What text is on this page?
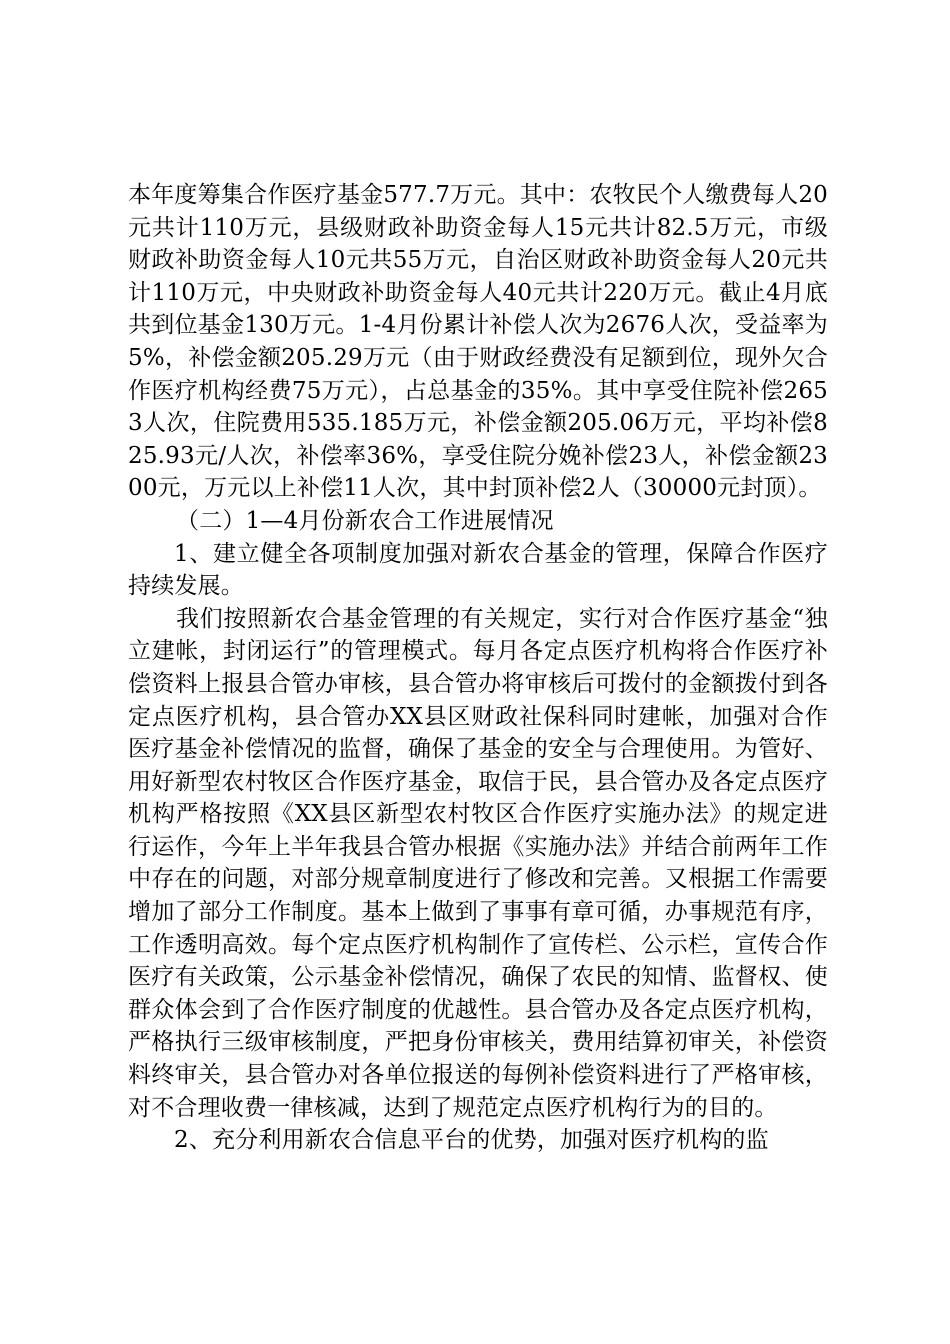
本年度筹集合作医疗基金577.7万元。其中：农牧民个人缴费每人20元共计110万元，县级财政补助资金每人15元共计82.5万元，市级财政补助资金每人10元共55万元，自治区财政补助资金每人20元共计110万元，中央财政补助资金每人40元共计220万元。截止4月底共到位基金130万元。1-4月份累计补偿人次为2676人次，受益率为5%，补偿金额205.29万元（由于财政经费没有足额到位，现外欠合作医疗机构经费75万元），占总基金的35%。其中享受住院补偿2653人次，住院费用535.185万元，补偿金额205.06万元，平均补偿825.93元/人次，补偿率36%，享受住院分娩补偿23人，补偿金额2300元，万元以上补偿11人次，其中封顶补偿2人（30000元封顶）。

（二）1—4月份新农合工作进展情况

1、建立健全各项制度加强对新农合基金的管理，保障合作医疗持续发展。

我们按照新农合基金管理的有关规定，实行对合作医疗基金“独立建帐，封闭运行”的管理模式。每月各定点医疗机构将合作医疗补偿资料上报县合管办审核，县合管办将审核后可拨付的金额拨付到各定点医疗机构，县合管办XX县区财政社保科同时建帐，加强对合作医疗基金补偿情况的监督，确保了基金的安全与合理使用。为管好、用好新型农村牧区合作医疗基金，取信于民，县合管办及各定点医疗机构严格按照《XX县区新型农村牧区合作医疗实施办法》的规定进行运作，今年上半年我县合管办根据《实施办法》并结合前两年工作中存在的问题，对部分规章制度进行了修改和完善。又根据工作需要增加了部分工作制度。基本上做到了事事有章可循，办事规范有序，工作透明高效。每个定点医疗机构制作了宣传栏、公示栏，宣传合作医疗有关政策，公示基金补偿情况，确保了农民的知情、监督权、使群众体会到了合作医疗制度的优越性。县合管办及各定点医疗机构，严格执行三级审核制度，严把身份审核关，费用结算初审关，补偿资料终审关，县合管办对各单位报送的每例补偿资料进行了严格审核，对不合理收费一律核减，达到了规范定点医疗机构行为的目的。

2、充分利用新农合信息平台的优势，加强对医疗机构的监
